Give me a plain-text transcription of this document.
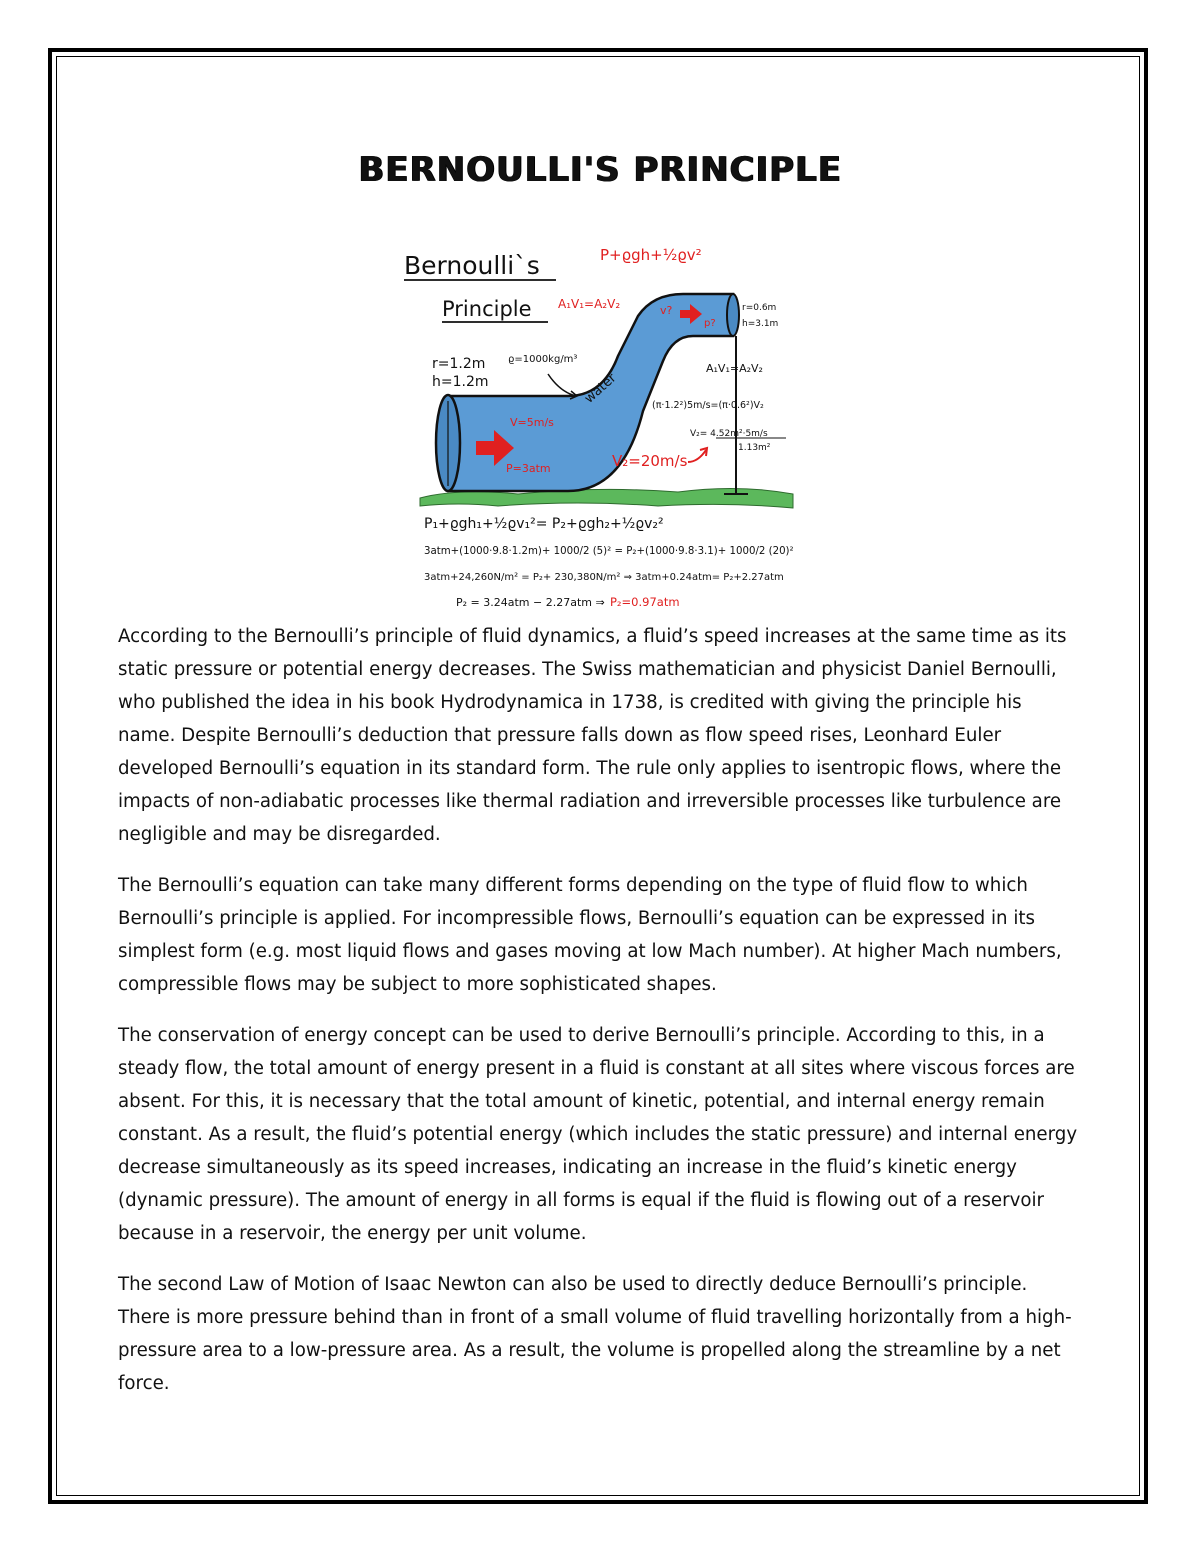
BERNOULLI'S PRINCIPLE
Bernoulli`s
Principle
P+ϱgh+½ϱv²
A₁V₁=A₂V₂
r=1.2m
h=1.2m
ϱ=1000kg/m³
water
V=5m/s
P=3atm
v?
p?
r=0.6m
h=3.1m
A₁V₁=A₂V₂
(π·1.2²)5m/s=(π·0.6²)V₂
V₂= 4.52m²·5m/s
1.13m²
V₂=20m/s
P₁+ϱgh₁+½ϱv₁²= P₂+ϱgh₂+½ϱv₂²
3atm+(1000·9.8·1.2m)+ 1000/2 (5)² = P₂+(1000·9.8·3.1)+ 1000/2 (20)²
3atm+24,260N/m² = P₂+ 230,380N/m² ⇒ 3atm+0.24atm= P₂+2.27atm
P₂ = 3.24atm − 2.27atm ⇒ P₂=0.97atm

According to the Bernoulli’s principle of fluid dynamics, a fluid’s speed increases at the same time as its static pressure or potential energy decreases. The Swiss mathematician and physicist Daniel Bernoulli, who published the idea in his book Hydrodynamica in 1738, is credited with giving the principle his name. Despite Bernoulli’s deduction that pressure falls down as flow speed rises, Leonhard Euler developed Bernoulli’s equation in its standard form. The rule only applies to isentropic flows, where the impacts of non-adiabatic processes like thermal radiation and irreversible processes like turbulence are negligible and may be disregarded.

The Bernoulli’s equation can take many different forms depending on the type of fluid flow to which Bernoulli’s principle is applied. For incompressible flows, Bernoulli’s equation can be expressed in its simplest form (e.g. most liquid flows and gases moving at low Mach number). At higher Mach numbers, compressible flows may be subject to more sophisticated shapes.

The conservation of energy concept can be used to derive Bernoulli’s principle. According to this, in a steady flow, the total amount of energy present in a fluid is constant at all sites where viscous forces are absent. For this, it is necessary that the total amount of kinetic, potential, and internal energy remain constant. As a result, the fluid’s potential energy (which includes the static pressure) and internal energy decrease simultaneously as its speed increases, indicating an increase in the fluid’s kinetic energy (dynamic pressure). The amount of energy in all forms is equal if the fluid is flowing out of a reservoir because in a reservoir, the energy per unit volume.

The second Law of Motion of Isaac Newton can also be used to directly deduce Bernoulli’s principle. There is more pressure behind than in front of a small volume of fluid travelling horizontally from a high-pressure area to a low-pressure area. As a result, the volume is propelled along the streamline by a net force.
